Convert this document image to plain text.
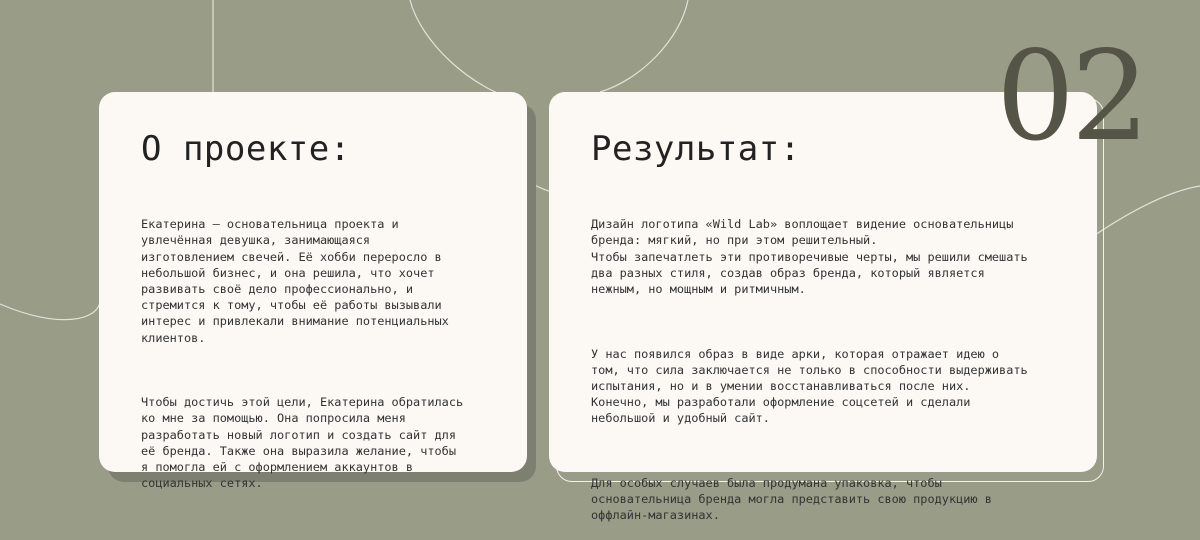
О проекте:

Екатерина — основательница проекта и
увлечённая девушка, занимающаяся
изготовлением свечей. Её хобби переросло в
небольшой бизнес, и она решила, что хочет
развивать своё дело профессионально, и
стремится к тому, чтобы её работы вызывали
интерес и привлекали внимание потенциальных
клиентов.

Чтобы достичь этой цели, Екатерина обратилась
ко мне за помощью. Она попросила меня
разработать новый логотип и создать сайт для
её бренда. Также она выразила желание, чтобы
я помогла ей с оформлением аккаунтов в
социальных сетях.

Результат:

Дизайн логотипа «Wild Lab» воплощает видение основательницы
бренда: мягкий, но при этом решительный.
Чтобы запечатлеть эти противоречивые черты, мы решили смешать
два разных стиля, создав образ бренда, который является
нежным, но мощным и ритмичным.

У нас появился образ в виде арки, которая отражает идею о
том, что сила заключается не только в способности выдерживать
испытания, но и в умении восстанавливаться после них.
Конечно, мы разработали оформление соцсетей и сделали
небольшой и удобный сайт.

Для особых случаев была продумана упаковка, чтобы
основательница бренда могла представить свою продукцию в
оффлайн-магазинах.

02
